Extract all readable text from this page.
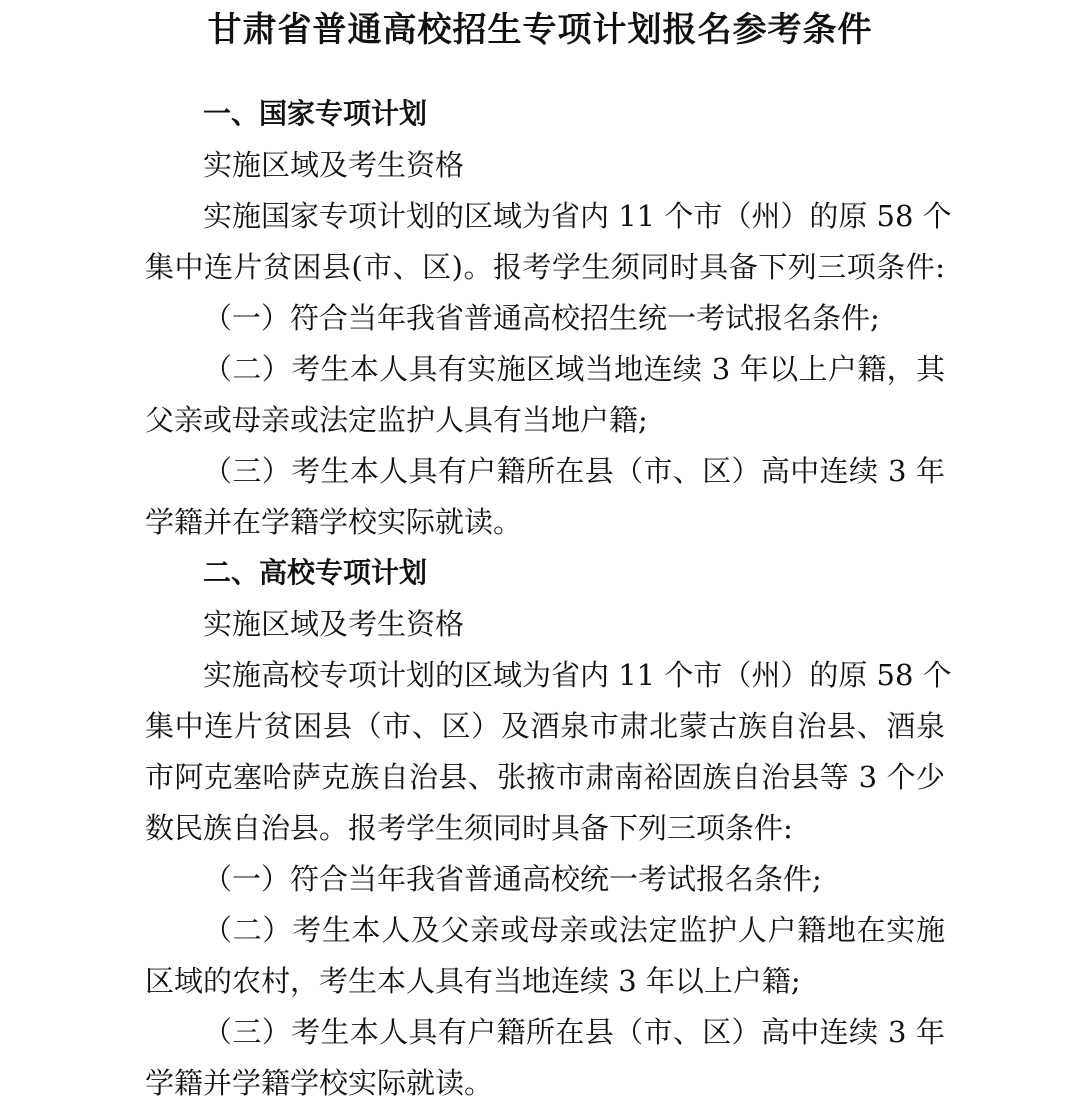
甘肃省普通高校招生专项计划报名参考条件
一、国家专项计划
实施区域及考生资格
实施国家专项计划的区域为省内 11 个市（州）的原 58 个
集中连片贫困县(市、区)。报考学生须同时具备下列三项条件:
（一）符合当年我省普通高校招生统一考试报名条件;
（二）考生本人具有实施区域当地连续 3 年以上户籍，其
父亲或母亲或法定监护人具有当地户籍;
（三）考生本人具有户籍所在县（市、区）高中连续 3 年
学籍并在学籍学校实际就读。
二、高校专项计划
实施区域及考生资格
实施高校专项计划的区域为省内 11 个市（州）的原 58 个
集中连片贫困县（市、区）及酒泉市肃北蒙古族自治县、酒泉
市阿克塞哈萨克族自治县、张掖市肃南裕固族自治县等 3 个少
数民族自治县。报考学生须同时具备下列三项条件:
（一）符合当年我省普通高校统一考试报名条件;
（二）考生本人及父亲或母亲或法定监护人户籍地在实施
区域的农村，考生本人具有当地连续 3 年以上户籍;
（三）考生本人具有户籍所在县（市、区）高中连续 3 年
学籍并学籍学校实际就读。
